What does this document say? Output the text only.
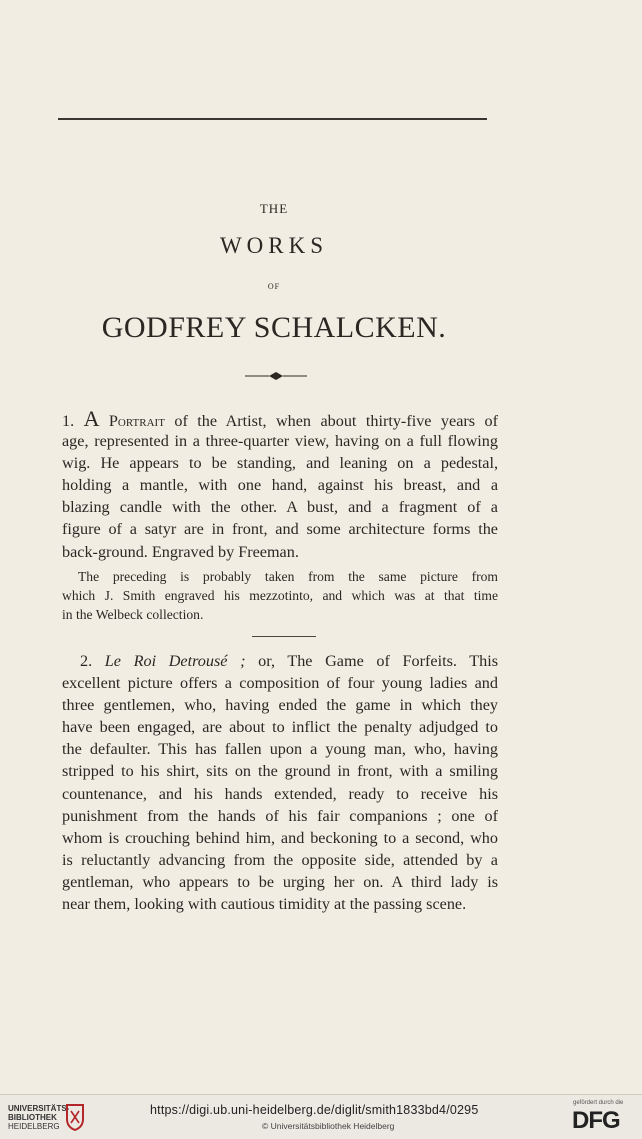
THE
WORKS
OF
GODFREY SCHALCKEN.
1. A Portrait of the Artist, when about thirty-five years of
age, represented in a three-quarter view, having on a full flowing
wig. He appears to be standing, and leaning on a pedestal,
holding a mantle, with one hand, against his breast, and a
blazing candle with the other. A bust, and a fragment of a
figure of a satyr are in front, and some architecture forms the
back-ground. Engraved by Freeman.
The preceding is probably taken from the same picture from
which J. Smith engraved his mezzotinto, and which was at that time
in the Welbeck collection.
2. Le Roi Detrousé ; or, The Game of Forfeits. This
excellent picture offers a composition of four young ladies and
three gentlemen, who, having ended the game in which they
have been engaged, are about to inflict the penalty adjudged to
the defaulter. This has fallen upon a young man, who, having
stripped to his shirt, sits on the ground in front, with a smiling
countenance, and his hands extended, ready to receive his
punishment from the hands of his fair companions ; one of
whom is crouching behind him, and beckoning to a second, who
is reluctantly advancing from the opposite side, attended by a
gentleman, who appears to be urging her on. A third lady is
near them, looking with cautious timidity at the passing scene.
UNIVERSITÄTS-
BIBLIOTHEK
HEIDELBERG
https://digi.ub.uni-heidelberg.de/diglit/smith1833bd4/0295
© Universitätsbibliothek Heidelberg
gefördert durch die
DFG
